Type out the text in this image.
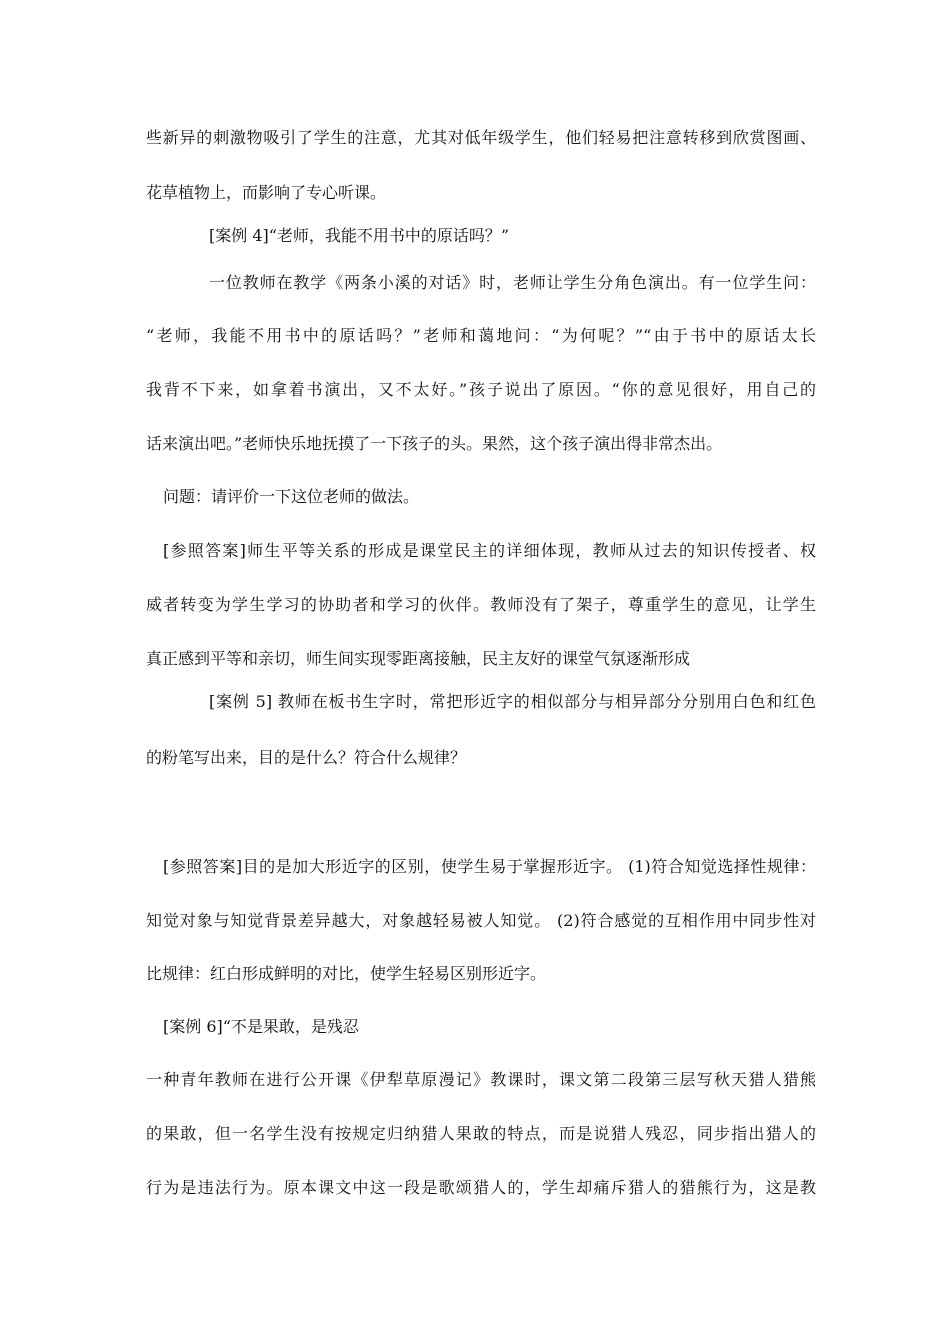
些新异的刺激物吸引了学生的注意，尤其对低年级学生，他们轻易把注意转移到欣赏图画、

花草植物上，而影响了专心听课。

[案例 4]“老师，我能不用书中的原话吗？”

一位教师在教学《两条小溪的对话》时，老师让学生分角色演出。有一位学生问：

“老师，我能不用书中的原话吗？”老师和蔼地问：“为何呢？”“由于书中的原话太长

我背不下来，如拿着书演出，又不太好。”孩子说出了原因。“你的意见很好，用自己的

话来演出吧。”老师快乐地抚摸了一下孩子的头。果然，这个孩子演出得非常杰出。

问题：请评价一下这位老师的做法。

[参照答案]师生平等关系的形成是课堂民主的详细体现，教师从过去的知识传授者、权

威者转变为学生学习的协助者和学习的伙伴。教师没有了架子，尊重学生的意见，让学生

真正感到平等和亲切，师生间实现零距离接触，民主友好的课堂气氛逐渐形成

[案例 5] 教师在板书生字时，常把形近字的相似部分与相异部分分别用白色和红色

的粉笔写出来，目的是什么？符合什么规律？

[参照答案]目的是加大形近字的区别，使学生易于掌握形近字。 (1)符合知觉选择性规律：

知觉对象与知觉背景差异越大，对象越轻易被人知觉。 (2)符合感觉的互相作用中同步性对

比规律：红白形成鲜明的对比，使学生轻易区别形近字。

[案例 6]“不是果敢，是残忍

一种青年教师在进行公开课《伊犁草原漫记》教课时，课文第二段第三层写秋天猎人猎熊

的果敢，但一名学生没有按规定归纳猎人果敢的特点，而是说猎人残忍，同步指出猎人的

行为是违法行为。原本课文中这一段是歌颂猎人的，学生却痛斥猎人的猎熊行为，这是教
